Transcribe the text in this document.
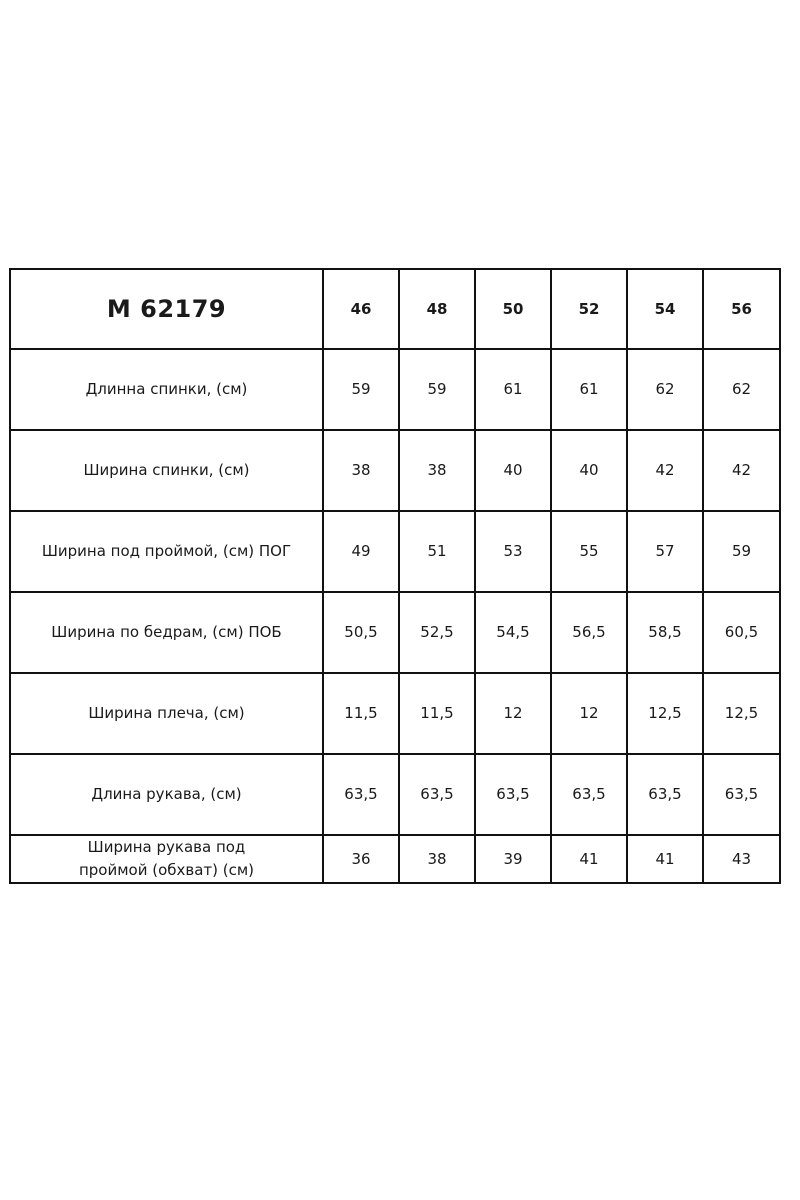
M 62179	46	48	50	52	54	56
Длинна спинки, (см)	59	59	61	61	62	62
Ширина спинки, (см)	38	38	40	40	42	42
Ширина под проймой, (см) ПОГ	49	51	53	55	57	59
Ширина по бедрам, (см) ПОБ	50,5	52,5	54,5	56,5	58,5	60,5
Ширина плеча, (см)	11,5	11,5	12	12	12,5	12,5
Длина рукава, (см)	63,5	63,5	63,5	63,5	63,5	63,5

Ширина рукава под
проймой (обхват) (см)	36	38	39	41	41	43
